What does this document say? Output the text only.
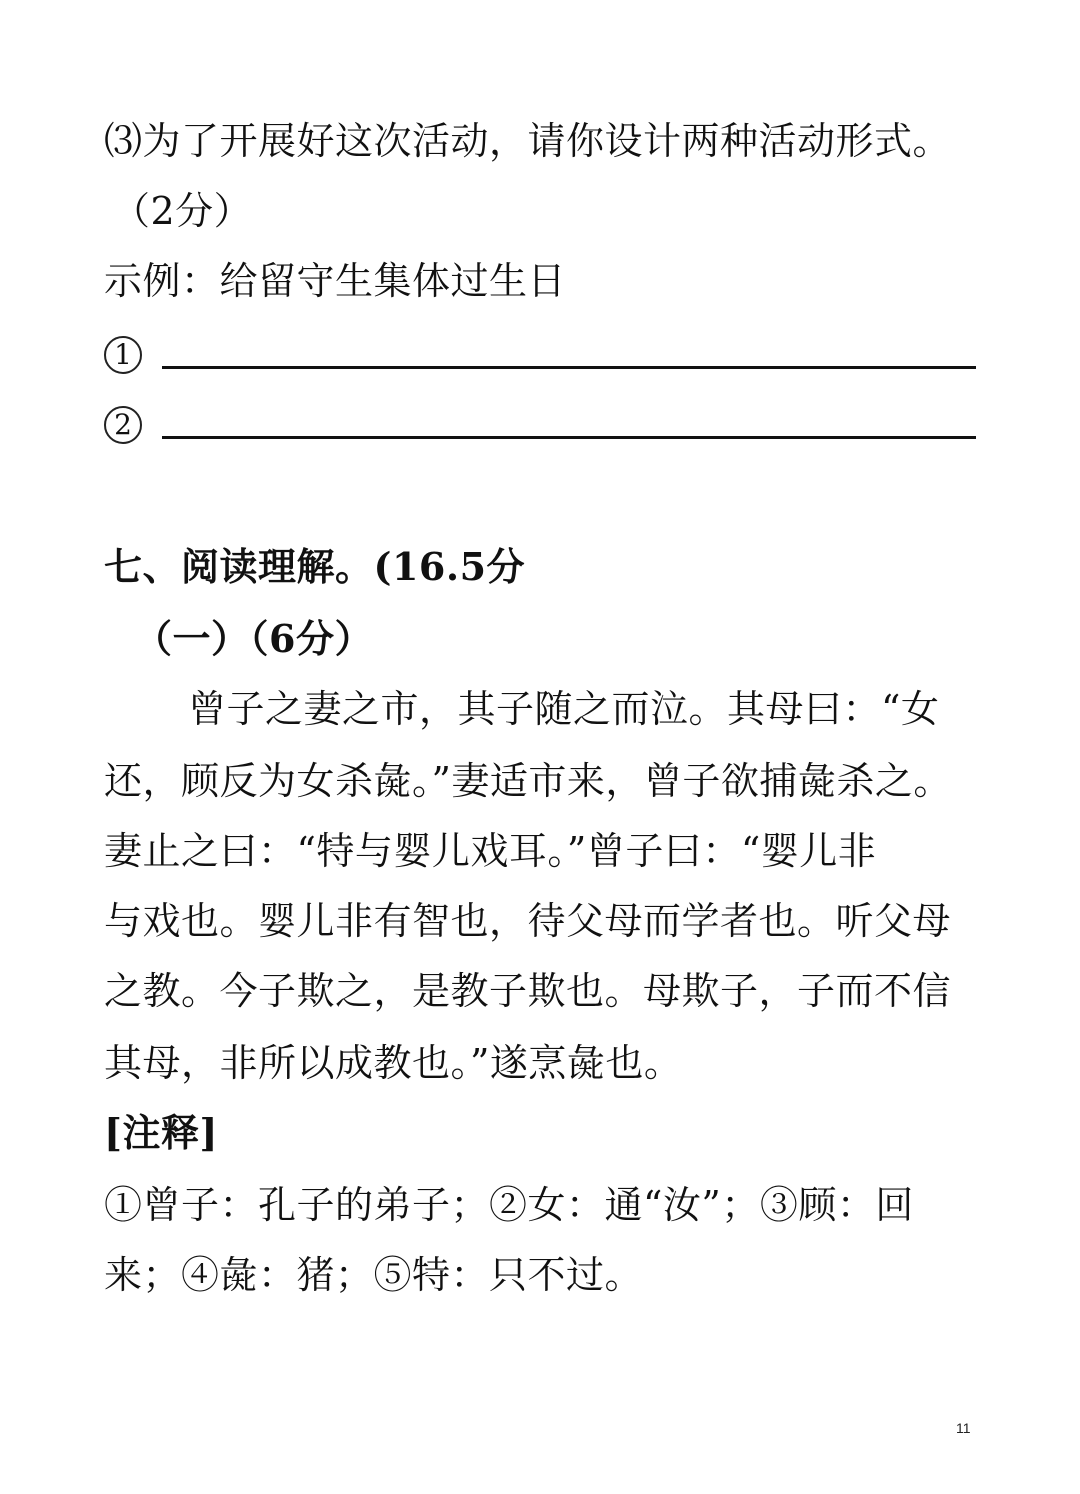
⑶为了开展好这次活动，请你设计两种活动形式。
（2分）
示例：给留守生集体过生日
1
2
七、阅读理解。(16.5分
（一）（6分）
曾子之妻之市，其子随之而泣。其母曰：“女
还，顾反为女杀彘。”妻适市来，曾子欲捕彘杀之。
妻止之曰：“特与婴儿戏耳。”曾子曰：“婴儿非
与戏也。婴儿非有智也，待父母而学者也。听父母
之教。今子欺之，是教子欺也。母欺子，子而不信
其母，非所以成教也。”遂烹彘也。
[注释]
①曾子：孔子的弟子；②女：通“汝”；③顾：回
来；④彘：猪；⑤特：只不过。
11
